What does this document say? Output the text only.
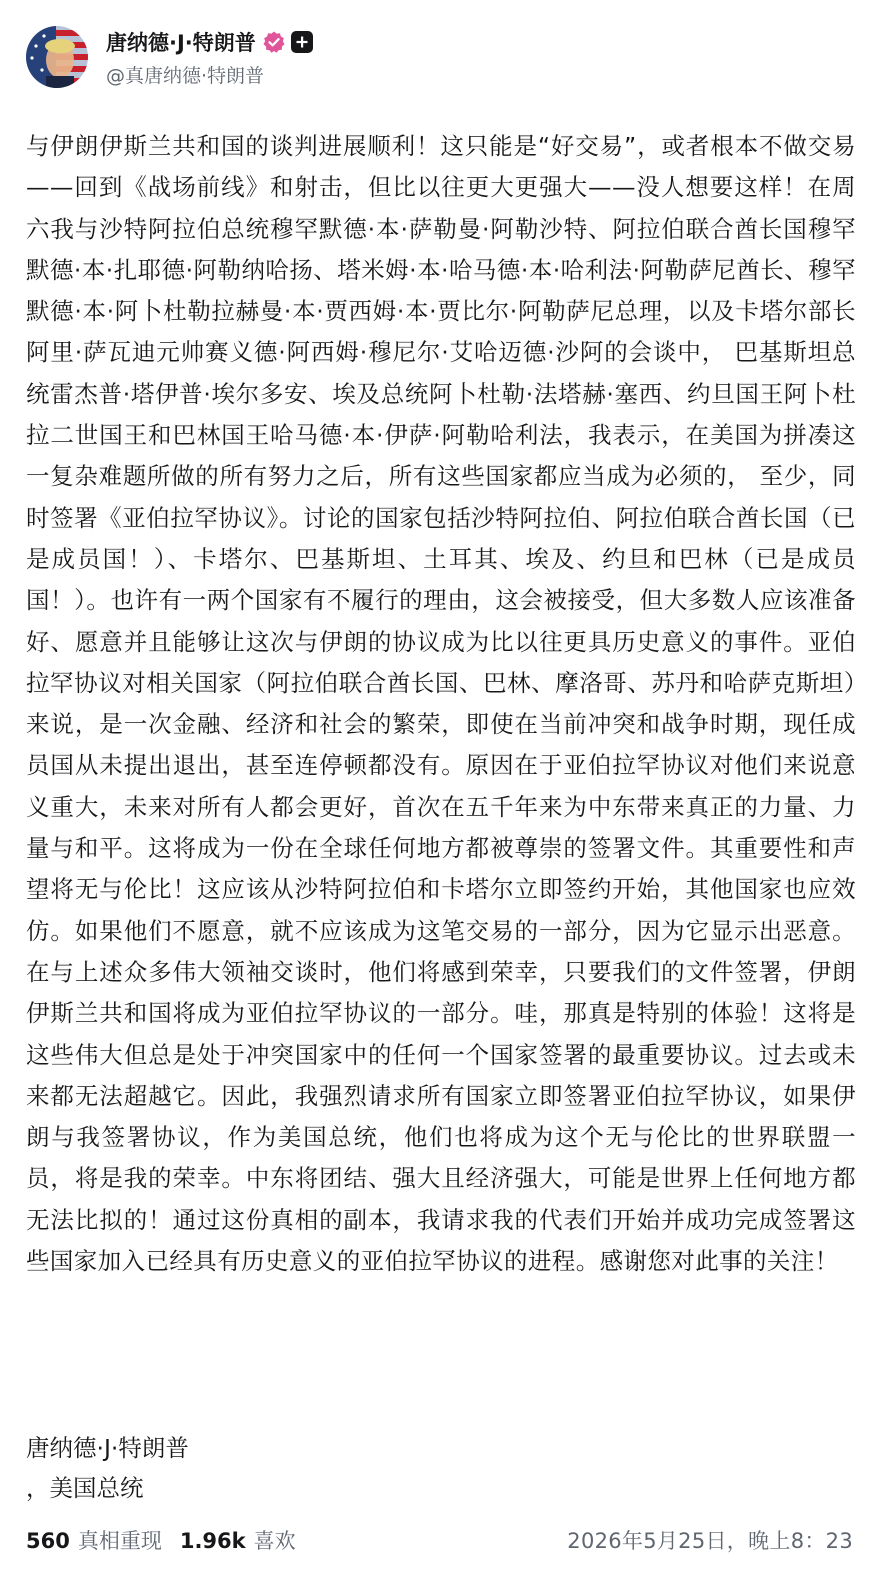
唐纳德·J·特朗普
@真唐纳德·特朗普

与伊朗伊斯兰共和国的谈判进展顺利！这只能是“好交易”，或者根本不做交易——回到《战场前线》和射击，但比以往更大更强大——没人想要这样！在周六我与沙特阿拉伯总统穆罕默德·本·萨勒曼·阿勒沙特、阿拉伯联合酋长国穆罕默德·本·扎耶德·阿勒纳哈扬、塔米姆·本·哈马德·本·哈利法·阿勒萨尼酋长、穆罕默德·本·阿卜杜勒拉赫曼·本·贾西姆·本·贾比尔·阿勒萨尼总理，以及卡塔尔部长阿里·萨瓦迪元帅赛义德·阿西姆·穆尼尔·艾哈迈德·沙阿的会谈中， 巴基斯坦总统雷杰普·塔伊普·埃尔多安、埃及总统阿卜杜勒·法塔赫·塞西、约旦国王阿卜杜拉二世国王和巴林国王哈马德·本·伊萨·阿勒哈利法，我表示，在美国为拼凑这一复杂难题所做的所有努力之后，所有这些国家都应当成为必须的， 至少，同时签署《亚伯拉罕协议》。讨论的国家包括沙特阿拉伯、阿拉伯联合酋长国（已是成员国！）、卡塔尔、巴基斯坦、土耳其、埃及、约旦和巴林（已是成员国！）。也许有一两个国家有不履行的理由，这会被接受，但大多数人应该准备好、愿意并且能够让这次与伊朗的协议成为比以往更具历史意义的事件。亚伯拉罕协议对相关国家（阿拉伯联合酋长国、巴林、摩洛哥、苏丹和哈萨克斯坦）来说，是一次金融、经济和社会的繁荣，即使在当前冲突和战争时期，现任成员国从未提出退出，甚至连停顿都没有。原因在于亚伯拉罕协议对他们来说意义重大，未来对所有人都会更好，首次在五千年来为中东带来真正的力量、力量与和平。这将成为一份在全球任何地方都被尊崇的签署文件。其重要性和声望将无与伦比！这应该从沙特阿拉伯和卡塔尔立即签约开始，其他国家也应效仿。如果他们不愿意，就不应该成为这笔交易的一部分，因为它显示出恶意。在与上述众多伟大领袖交谈时，他们将感到荣幸，只要我们的文件签署，伊朗伊斯兰共和国将成为亚伯拉罕协议的一部分。哇，那真是特别的体验！这将是这些伟大但总是处于冲突国家中的任何一个国家签署的最重要协议。过去或未来都无法超越它。因此，我强烈请求所有国家立即签署亚伯拉罕协议，如果伊朗与我签署协议，作为美国总统，他们也将成为这个无与伦比的世界联盟一员，将是我的荣幸。中东将团结、强大且经济强大，可能是世界上任何地方都无法比拟的！通过这份真相的副本，我请求我的代表们开始并成功完成签署这些国家加入已经具有历史意义的亚伯拉罕协议的进程。感谢您对此事的关注！

唐纳德·J·特朗普
，美国总统
560 真相重现 1.96k 喜欢	2026年5月25日，晚上8：23
